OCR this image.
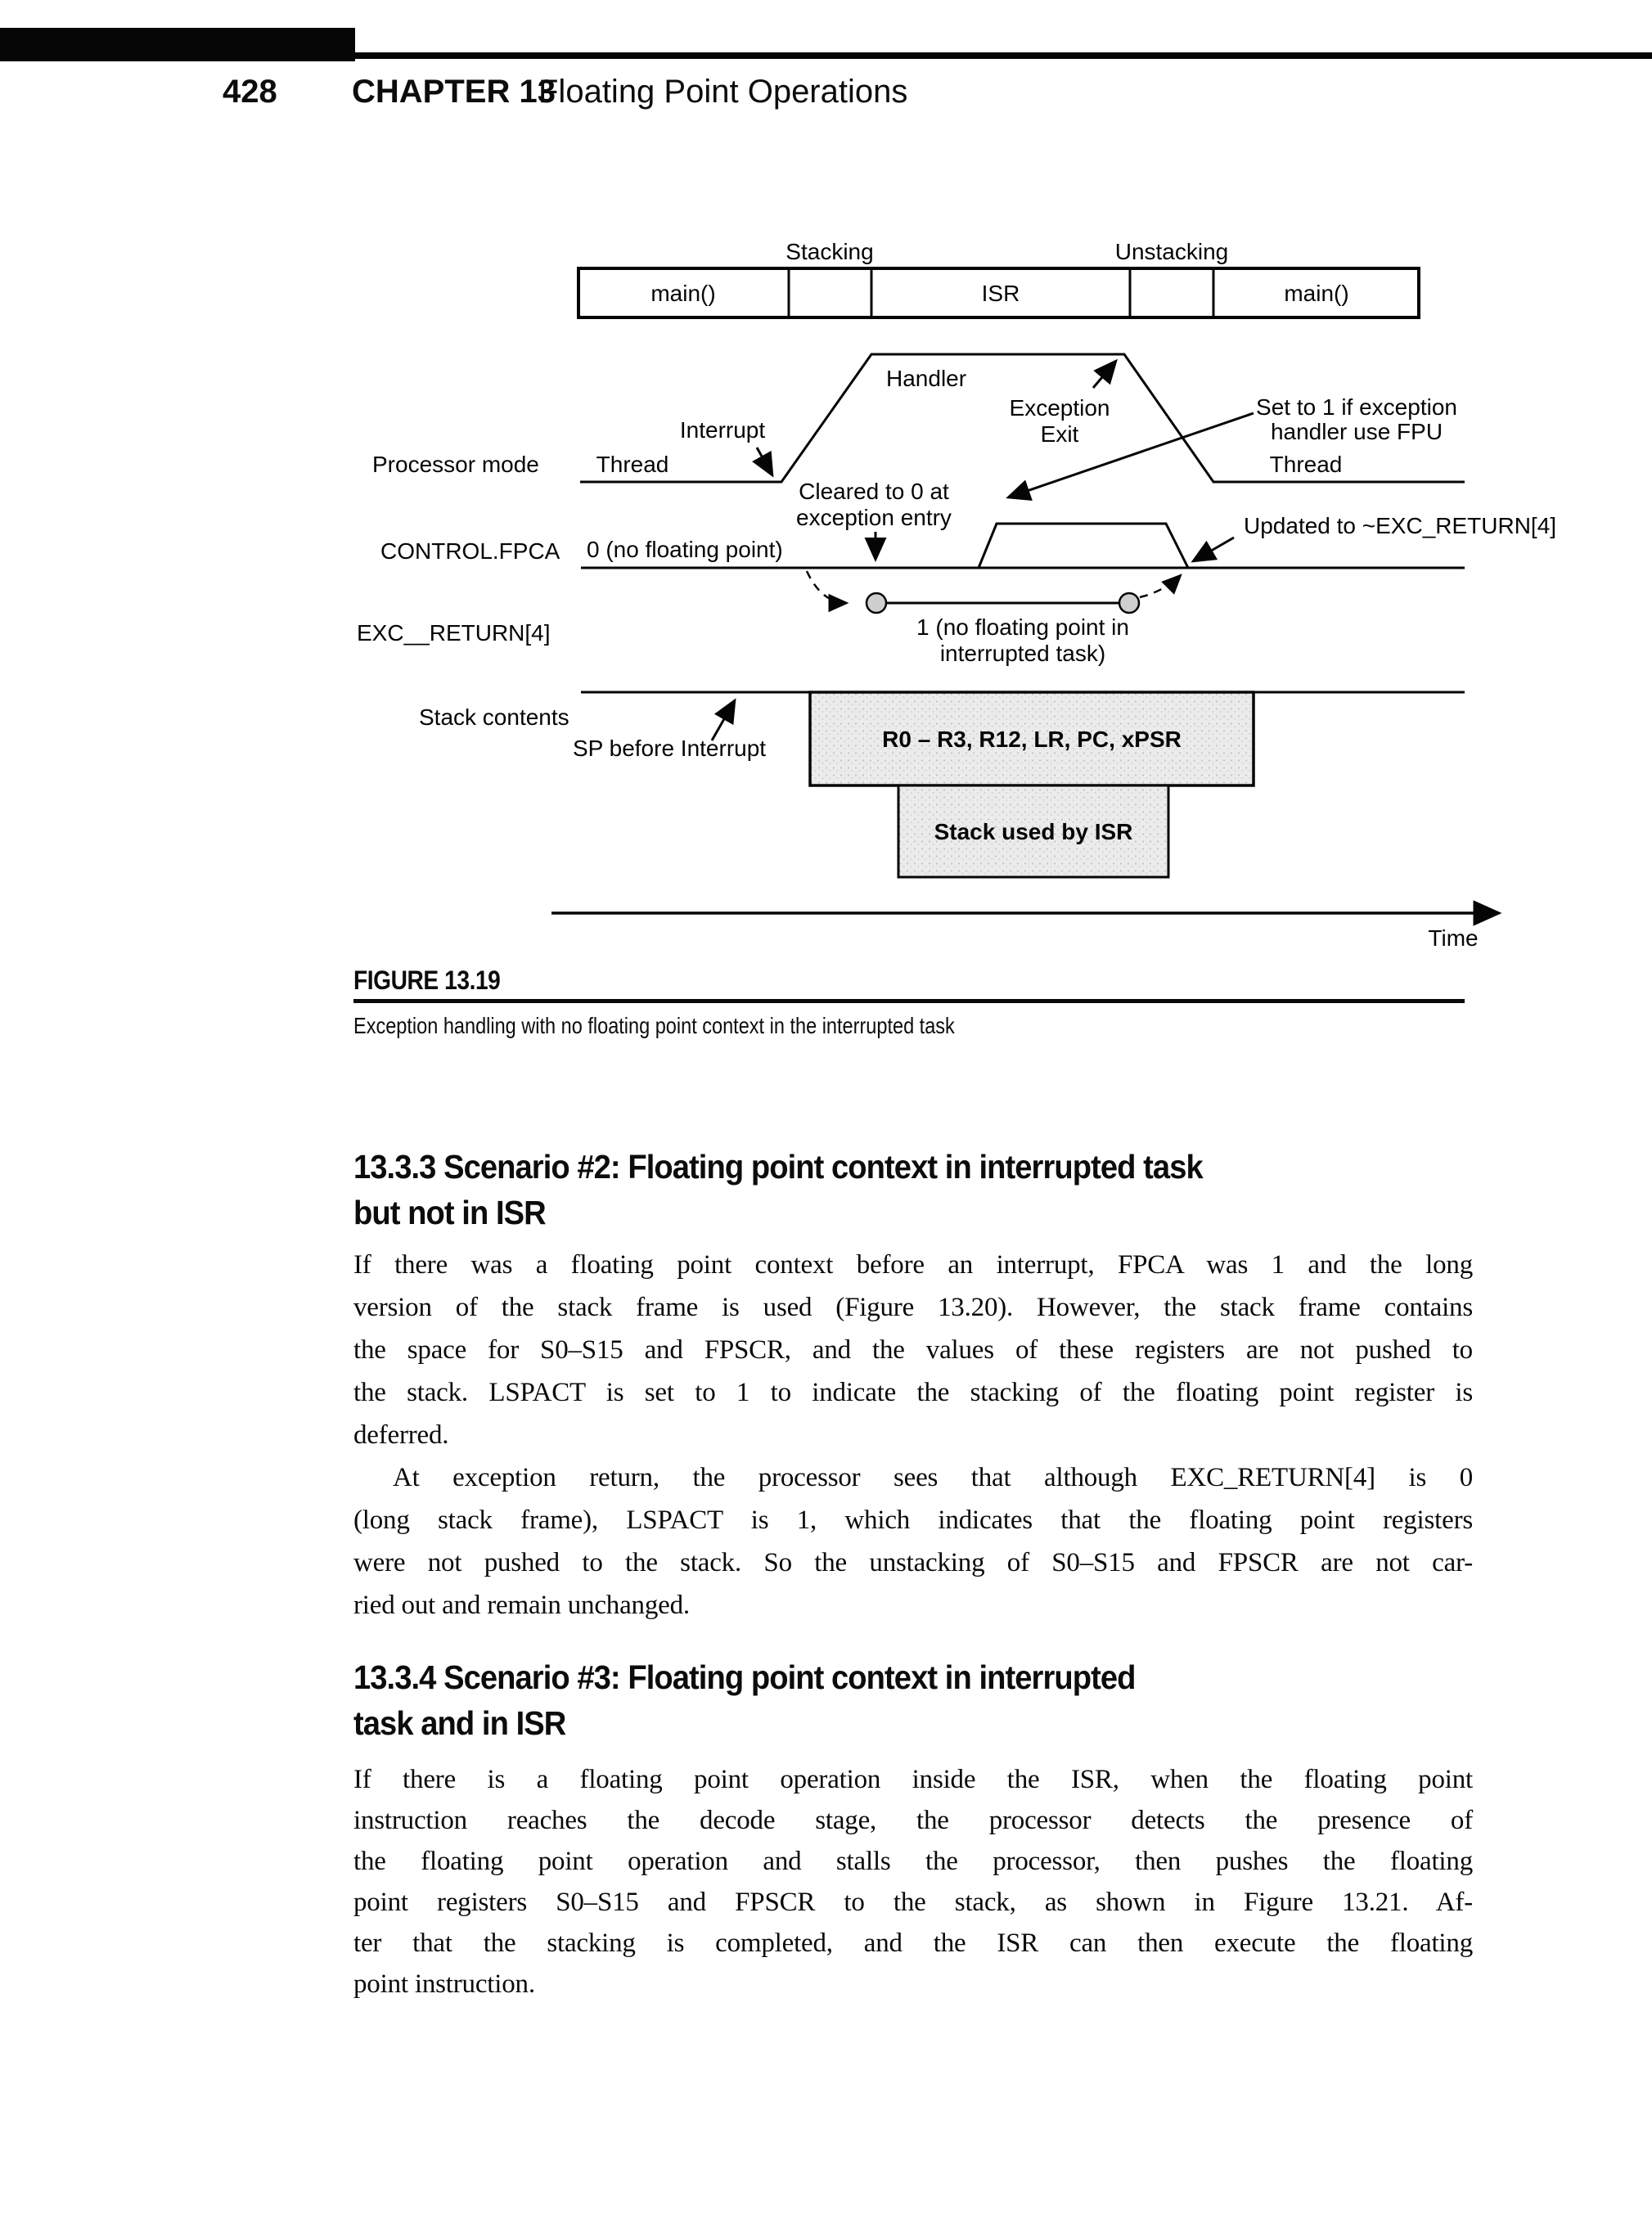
428 CHAPTER 13
Floating Point Operations
Stacking	Unstacking
main()	ISR	main()
Processor mode Thread
Handler
Thread
Interrupt
Exception
Exit
Set to 1 if exception
handler use FPU
CONTROL.FPCA 0 (no floating point)
Cleared to 0 at
exception entry	Updated to ~EXC_RETURN[4]
EXC__RETURN[4]	1 (no floating point in
interrupted task)
Stack contents
SP before Interrupt	R0 – R3, R12, LR, PC, xPSR
Stack used by ISR
Time
FIGURE 13.19
Exception handling with no floating point context in the interrupted task
13.3.3 Scenario #2: Floating point context in interrupted task
but not in ISR
If there was a floating point context before an interrupt, FPCA was 1 and the long
version of the stack frame is used (Figure 13.20). However, the stack frame contains
the space for S0–S15 and FPSCR, and the values of these registers are not pushed to
the stack. LSPACT is set to 1 to indicate the stacking of the floating point register is
deferred.
At exception return, the processor sees that although EXC_RETURN[4] is 0
(long stack frame), LSPACT is 1, which indicates that the floating point registers
were not pushed to the stack. So the unstacking of S0–S15 and FPSCR are not car-
ried out and remain unchanged.
13.3.4 Scenario #3: Floating point context in interrupted
task and in ISR
If there is a floating point operation inside the ISR, when the floating point
instruction reaches the decode stage, the processor detects the presence of
the floating point operation and stalls the processor, then pushes the floating
point registers S0–S15 and FPSCR to the stack, as shown in Figure 13.21. Af-
ter that the stacking is completed, and the ISR can then execute the floating
point instruction.
